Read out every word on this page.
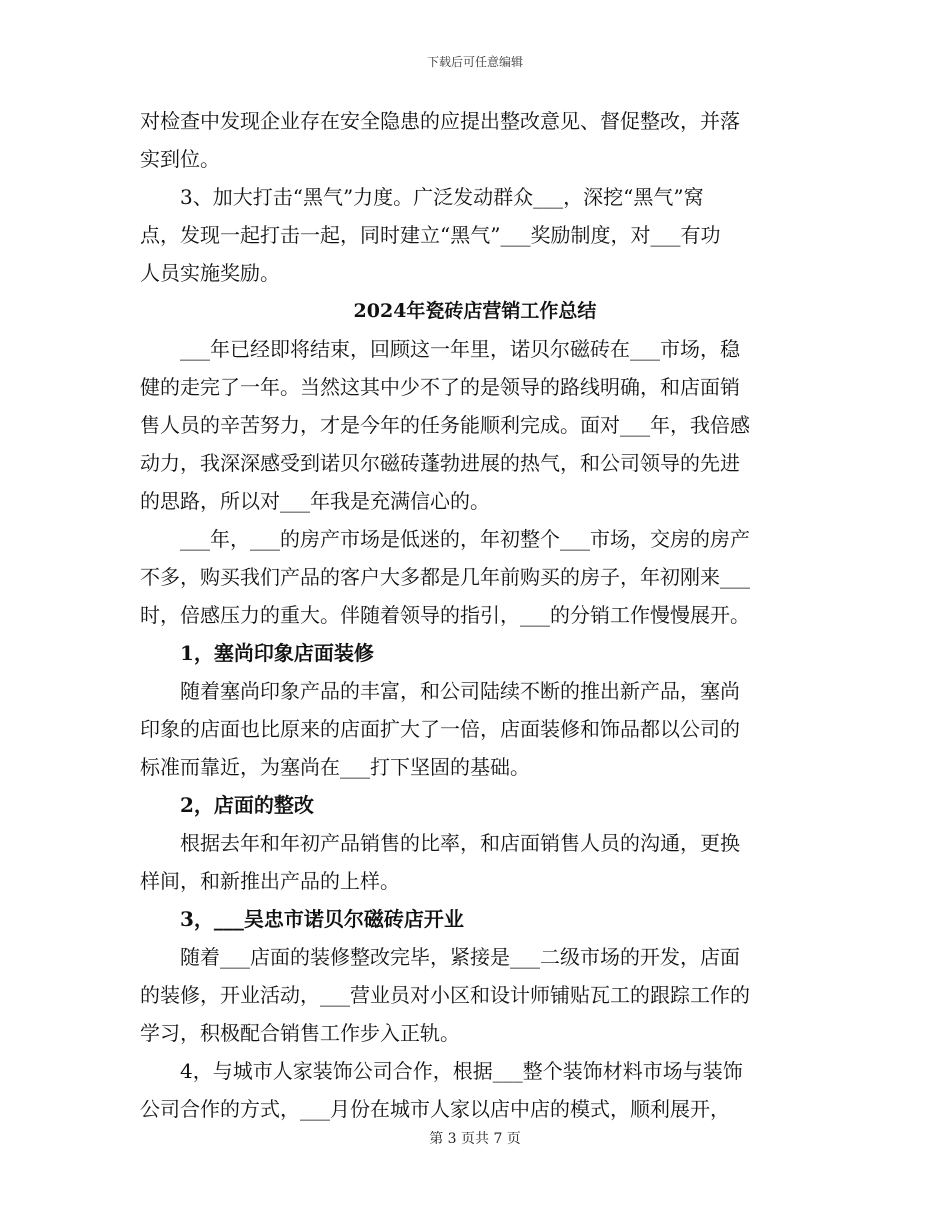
下载后可任意编辑
对检查中发现企业存在安全隐患的应提出整改意见、督促整改，并落
实到位。
3、加大打击“黑气”力度。广泛发动群众___，深挖“黑气”窝
点，发现一起打击一起，同时建立“黑气”___奖励制度，对___有功
人员实施奖励。
2024年瓷砖店营销工作总结
___年已经即将结束，回顾这一年里，诺贝尔磁砖在___市场，稳
健的走完了一年。当然这其中少不了的是领导的路线明确，和店面销
售人员的辛苦努力，才是今年的任务能顺利完成。面对___年，我倍感
动力，我深深感受到诺贝尔磁砖蓬勃进展的热气，和公司领导的先进
的思路，所以对___年我是充满信心的。
___年，___的房产市场是低迷的，年初整个___市场，交房的房产
不多，购买我们产品的客户大多都是几年前购买的房子，年初刚来___
时，倍感压力的重大。伴随着领导的指引，___的分销工作慢慢展开。
1，塞尚印象店面装修
随着塞尚印象产品的丰富，和公司陆续不断的推出新产品，塞尚
印象的店面也比原来的店面扩大了一倍，店面装修和饰品都以公司的
标准而靠近，为塞尚在___打下坚固的基础。
2，店面的整改
根据去年和年初产品销售的比率，和店面销售人员的沟通，更换
样间，和新推出产品的上样。
3，___吴忠市诺贝尔磁砖店开业
随着___店面的装修整改完毕，紧接是___二级市场的开发，店面
的装修，开业活动，___营业员对小区和设计师铺贴瓦工的跟踪工作的
学习，积极配合销售工作步入正轨。
4，与城市人家装饰公司合作，根据___整个装饰材料市场与装饰
公司合作的方式，___月份在城市人家以店中店的模式，顺利展开，
第 3 页共 7 页
